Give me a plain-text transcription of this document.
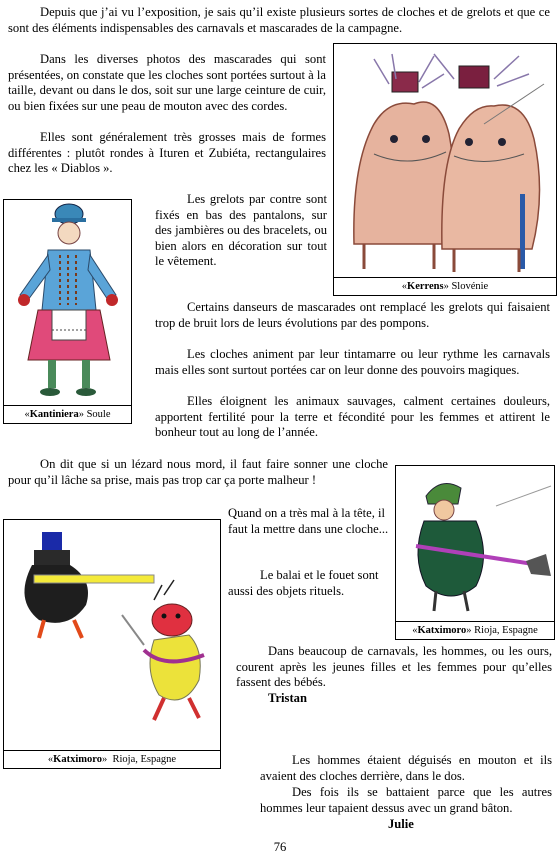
Depuis que j’ai vu l’exposition, je sais qu’il existe plusieurs sortes de cloches et de grelots et que ce sont des éléments indispensables des carnavals et mascarades de la campagne.

Dans les diverses photos des mascarades qui sont présentées, on constate que les cloches sont portées surtout à la taille, devant ou dans le dos, soit sur une large ceinture de cuir, ou bien fixées sur une peau de mouton avec des cordes.

Elles sont généralement très grosses mais de formes différentes : plutôt rondes à Ituren et Zubiéta, rectangulaires chez les « Diablos ».

Les grelots par contre sont fixés en bas des pantalons, sur des jambières ou des bracelets, ou bien alors en décoration sur tout le vêtement.

Certains danseurs de mascarades ont remplacé les grelots qui faisaient trop de bruit lors de leurs évolutions par des pompons.

Les cloches animent par leur tintamarre ou leur rythme les carnavals mais elles sont surtout portées car on leur donne des pouvoirs magiques.

Elles éloignent les animaux sauvages, calment certaines douleurs, apportent fertilité pour la terre et fécondité pour les femmes et attirent le bonheur tout au long de l’année.

On dit que si un lézard nous mord, il faut faire sonner une cloche pour qu’il lâche sa prise, mais pas trop car ça porte malheur !

Quand on a très mal à la tête, il faut la mettre dans une cloche...

Le balai et le fouet sont aussi des objets rituels.

Dans beaucoup de carnavals, les hommes, ou les ours, courent après les jeunes filles et les femmes pour qu’elles fassent des bébés.

Tristan

Les hommes étaient déguisés en mouton et ils avaient des cloches derrière, dans le dos.

Des fois ils se battaient parce que les autres hommes leur tapaient dessus avec un grand bâton.

Julie
76
«Kerrens» Slovénie
«Kantiniera» Soule
«Katximoro»  Rioja, Espagne
«Katximoro» Rioja, Espagne
